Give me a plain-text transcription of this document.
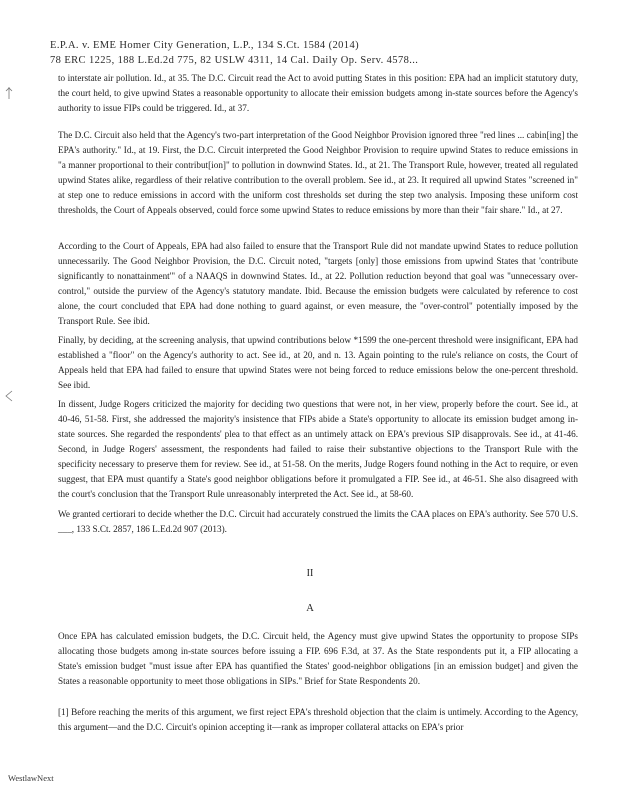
E.P.A. v. EME Homer City Generation, L.P., 134 S.Ct. 1584 (2014)
78 ERC 1225, 188 L.Ed.2d 775, 82 USLW 4311, 14 Cal. Daily Op. Serv. 4578...

to interstate air pollution. Id., at 35. The D.C. Circuit read the Act to avoid putting States in this position: EPA had an implicit statutory duty, the court held, to give upwind States a reasonable opportunity to allocate their emission budgets among in-state sources before the Agency's authority to issue FIPs could be triggered. Id., at 37.

The D.C. Circuit also held that the Agency's two-part interpretation of the Good Neighbor Provision ignored three "red lines ... cabin[ing] the EPA's authority." Id., at 19. First, the D.C. Circuit interpreted the Good Neighbor Provision to require upwind States to reduce emissions in "a manner proportional to their contribut[ion]" to pollution in downwind States. Id., at 21. The Transport Rule, however, treated all regulated upwind States alike, regardless of their relative contribution to the overall problem. See id., at 23. It required all upwind States "screened in" at step one to reduce emissions in accord with the uniform cost thresholds set during the step two analysis. Imposing these uniform cost thresholds, the Court of Appeals observed, could force some upwind States to reduce emissions by more than their "fair share." Id., at 27.

According to the Court of Appeals, EPA had also failed to ensure that the Transport Rule did not mandate upwind States to reduce pollution unnecessarily. The Good Neighbor Provision, the D.C. Circuit noted, "targets [only] those emissions from upwind States that 'contribute significantly to nonattainment'" of a NAAQS in downwind States. Id., at 22. Pollution reduction beyond that goal was "unnecessary over-control," outside the purview of the Agency's statutory mandate. Ibid. Because the emission budgets were calculated by reference to cost alone, the court concluded that EPA had done nothing to guard against, or even measure, the "over-control" potentially imposed by the Transport Rule. See ibid.

Finally, by deciding, at the screening analysis, that upwind contributions below *1599 the one-percent threshold were insignificant, EPA had established a "floor" on the Agency's authority to act. See id., at 20, and n. 13. Again pointing to the rule's reliance on costs, the Court of Appeals held that EPA had failed to ensure that upwind States were not being forced to reduce emissions below the one-percent threshold. See ibid.

In dissent, Judge Rogers criticized the majority for deciding two questions that were not, in her view, properly before the court. See id., at 40-46, 51-58. First, she addressed the majority's insistence that FIPs abide a State's opportunity to allocate its emission budget among in-state sources. She regarded the respondents' plea to that effect as an untimely attack on EPA's previous SIP disapprovals. See id., at 41-46. Second, in Judge Rogers' assessment, the respondents had failed to raise their substantive objections to the Transport Rule with the specificity necessary to preserve them for review. See id., at 51-58. On the merits, Judge Rogers found nothing in the Act to require, or even suggest, that EPA must quantify a State's good neighbor obligations before it promulgated a FIP. See id., at 46-51. She also disagreed with the court's conclusion that the Transport Rule unreasonably interpreted the Act. See id., at 58-60.

We granted certiorari to decide whether the D.C. Circuit had accurately construed the limits the CAA places on EPA's authority. See 570 U.S. ___, 133 S.Ct. 2857, 186 L.Ed.2d 907 (2013).

II
A

Once EPA has calculated emission budgets, the D.C. Circuit held, the Agency must give upwind States the opportunity to propose SIPs allocating those budgets among in-state sources before issuing a FIP. 696 F.3d, at 37. As the State respondents put it, a FIP allocating a State's emission budget "must issue after EPA has quantified the States' good-neighbor obligations [in an emission budget] and given the States a reasonable opportunity to meet those obligations in SIPs." Brief for State Respondents 20.

[1] Before reaching the merits of this argument, we first reject EPA's threshold objection that the claim is untimely. According to the Agency, this argument—and the D.C. Circuit's opinion accepting it—rank as improper collateral attacks on EPA's prior

WestlawNext
